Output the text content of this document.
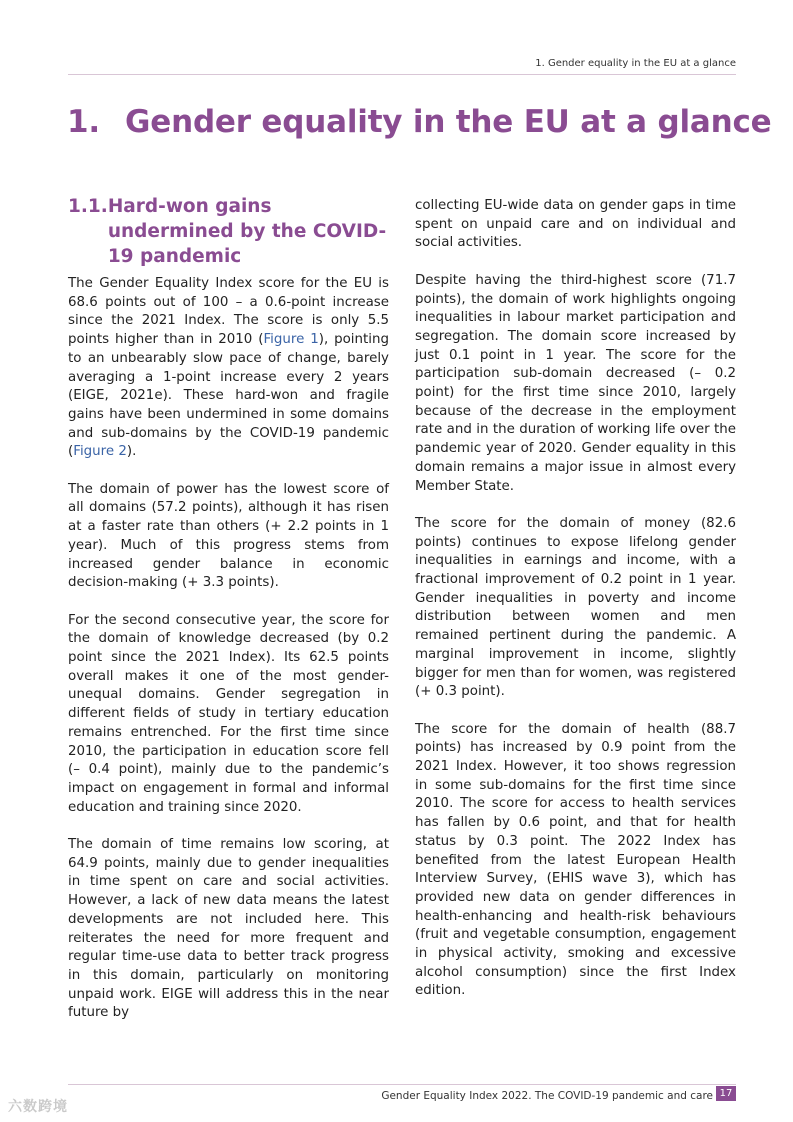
1. Gender equality in the EU at a glance
1. Gender equality in the EU at a glance
1.1. Hard-won gains undermined by the COVID-19 pandemic

The Gender Equality Index score for the EU is 68.6 points out of 100 – a 0.6-point increase since the 2021 Index. The score is only 5.5 points higher than in 2010 (Figure 1), pointing to an unbearably slow pace of change, barely averaging a 1-point increase every 2 years (EIGE, 2021e). These hard-won and fragile gains have been undermined in some domains and sub-domains by the COVID-19 pandemic (Figure 2).

The domain of power has the lowest score of all domains (57.2 points), although it has risen at a faster rate than others (+ 2.2 points in 1 year). Much of this progress stems from increased gender balance in economic decision-making (+ 3.3 points).

For the second consecutive year, the score for the domain of knowledge decreased (by 0.2 point since the 2021 Index). Its 62.5 points overall makes it one of the most gender-unequal domains. Gender segregation in different fields of study in tertiary education remains entrenched. For the first time since 2010, the participation in education score fell (– 0.4 point), mainly due to the pandemic’s impact on engagement in formal and informal education and training since 2020.

The domain of time remains low scoring, at 64.9 points, mainly due to gender inequalities in time spent on care and social activities. However, a lack of new data means the latest developments are not included here. This reiterates the need for more frequent and regular time-use data to better track progress in this domain, particularly on monitoring unpaid work. EIGE will address this in the near future by

collecting EU-wide data on gender gaps in time spent on unpaid care and on individual and social activities.

Despite having the third-highest score (71.7 points), the domain of work highlights ongoing inequalities in labour market participation and segregation. The domain score increased by just 0.1 point in 1 year. The score for the participation sub-domain decreased (– 0.2 point) for the first time since 2010, largely because of the decrease in the employment rate and in the duration of working life over the pandemic year of 2020. Gender equality in this domain remains a major issue in almost every Member State.

The score for the domain of money (82.6 points) continues to expose lifelong gender inequalities in earnings and income, with a fractional improvement of 0.2 point in 1 year. Gender inequalities in poverty and income distribution between women and men remained pertinent during the pandemic. A marginal improvement in income, slightly bigger for men than for women, was registered (+ 0.3 point).

The score for the domain of health (88.7 points) has increased by 0.9 point from the 2021 Index. However, it too shows regression in some sub-domains for the first time since 2010. The score for access to health services has fallen by 0.6 point, and that for health status by 0.3 point. The 2022 Index has benefited from the latest European Health Interview Survey, (EHIS wave 3), which has provided new data on gender differences in health-enhancing and health-risk behaviours (fruit and vegetable consumption, engagement in physical activity, smoking and excessive alcohol consumption) since the first Index edition.

Gender Equality Index 2022. The COVID-19 pandemic and care 17
六数跨境
